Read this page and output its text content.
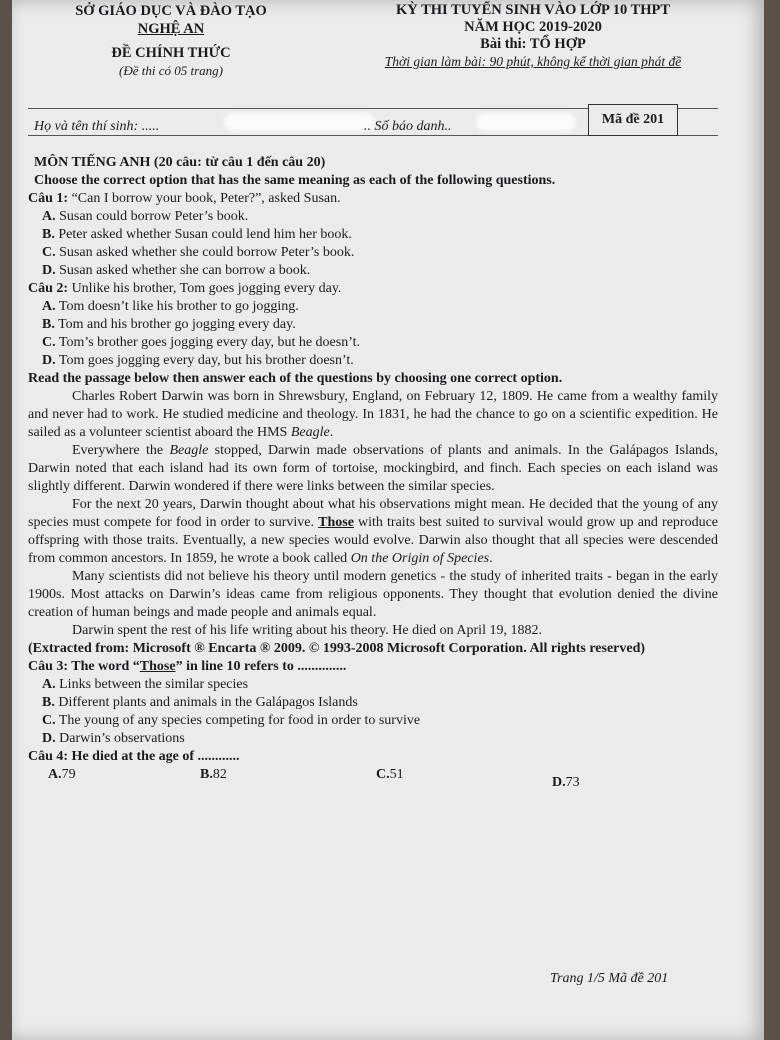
SỞ GIÁO DỤC VÀ ĐÀO TẠO
NGHỆ AN
ĐỀ CHÍNH THỨC
(Đề thi có 05 trang)
KỲ THI TUYỂN SINH VÀO LỚP 10 THPT
NĂM HỌC 2019-2020
Bài thi: TỔ HỢP
Thời gian làm bài: 90 phút, không kể thời gian phát đề
Họ và tên thí sinh: .....	.. Số báo danh..	Mã đề 201

MÔN TIẾNG ANH (20 câu: từ câu 1 đến câu 20)

Choose the correct option that has the same meaning as each of the following questions.

Câu 1: “Can I borrow your book, Peter?”, asked Susan.

A. Susan could borrow Peter’s book.

B. Peter asked whether Susan could lend him her book.

C. Susan asked whether she could borrow Peter’s book.

D. Susan asked whether she can borrow a book.

Câu 2: Unlike his brother, Tom goes jogging every day.

A. Tom doesn’t like his brother to go jogging.

B. Tom and his brother go jogging every day.

C. Tom’s brother goes jogging every day, but he doesn’t.

D. Tom goes jogging every day, but his brother doesn’t.

Read the passage below then answer each of the questions by choosing one correct option.

Charles Robert Darwin was born in Shrewsbury, England, on February 12, 1809. He came from a wealthy family and never had to work. He studied medicine and theology. In 1831, he had the chance to go on a scientific expedition. He sailed as a volunteer scientist aboard the HMS Beagle.

Everywhere the Beagle stopped, Darwin made observations of plants and animals. In the Galápagos Islands, Darwin noted that each island had its own form of tortoise, mockingbird, and finch. Each species on each island was slightly different. Darwin wondered if there were links between the similar species.

For the next 20 years, Darwin thought about what his observations might mean. He decided that the young of any species must compete for food in order to survive. Those with traits best suited to survival would grow up and reproduce offspring with those traits. Eventually, a new species would evolve. Darwin also thought that all species were descended from common ancestors. In 1859, he wrote a book called On the Origin of Species.

Many scientists did not believe his theory until modern genetics - the study of inherited traits - began in the early 1900s. Most attacks on Darwin’s ideas came from religious opponents. They thought that evolution denied the divine creation of human beings and made people and animals equal.

Darwin spent the rest of his life writing about his theory. He died on April 19, 1882.

(Extracted from: Microsoft ® Encarta ® 2009. © 1993-2008 Microsoft Corporation. All rights reserved)

Câu 3: The word “Those” in line 10 refers to ..............

A. Links between the similar species

B. Different plants and animals in the Galápagos Islands

C. The young of any species competing for food in order to survive

D. Darwin’s observations

Câu 4: He died at the age of ............

A. 79	B. 82	C. 51
D. 73
Trang 1/5 Mã đề 201
